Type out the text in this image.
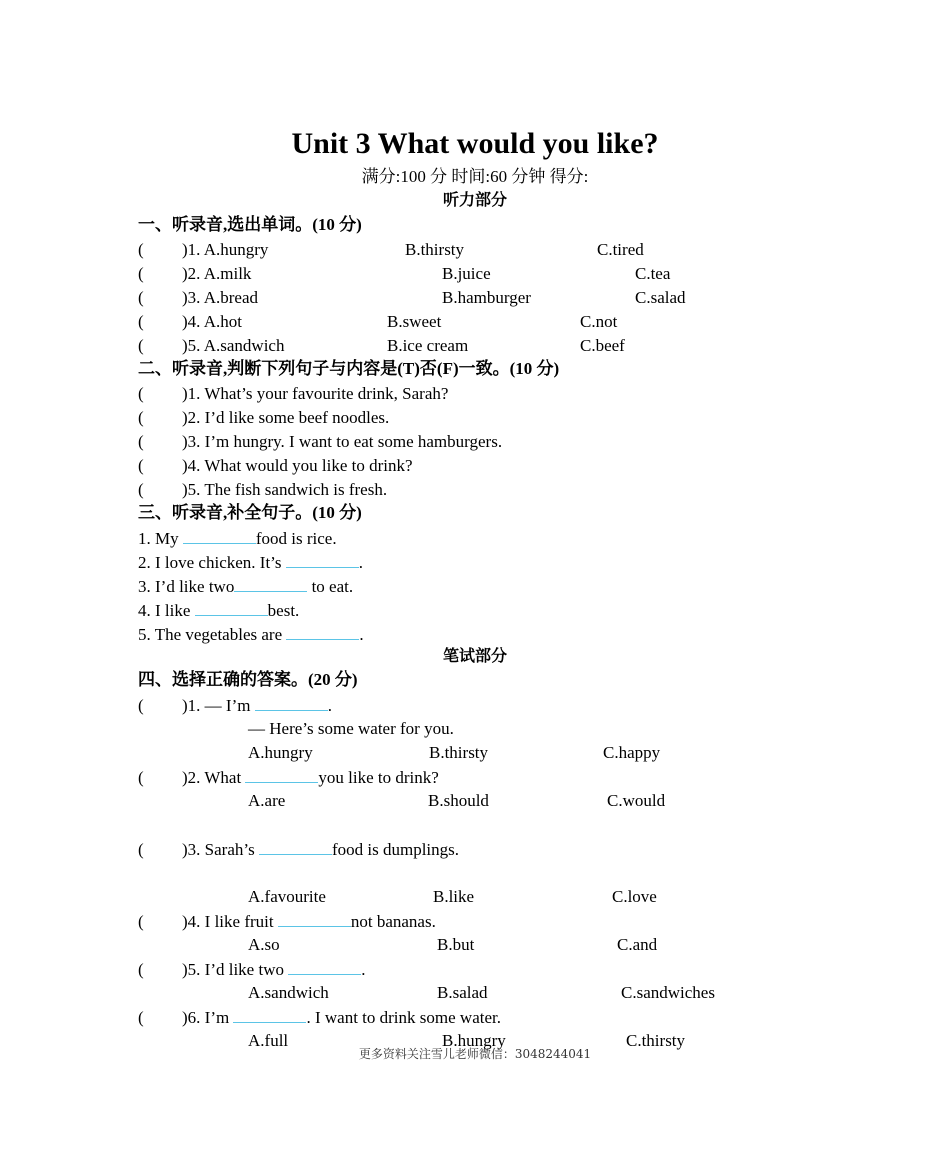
Unit 3 What would you like?
满分:100 分 时间:60 分钟 得分:
听力部分
一、听录音,选出单词。(10 分)
( )1. A.hungry	B.thirsty	C.tired
( )2. A.milk	B.juice	C.tea
( )3. A.bread	B.hamburger	C.salad
( )4. A.hot	B.sweet	C.not
( )5. A.sandwich	B.ice cream	C.beef
二、听录音,判断下列句子与内容是(T)否(F)一致。(10 分)
( )1. What’s your favourite drink, Sarah?
( )2. I’d like some beef noodles.
( )3. I’m hungry. I want to eat some hamburgers.
( )4. What would you like to drink?
( )5. The fish sandwich is fresh.
三、听录音,补全句子。(10 分)
1. My	food is rice.
2. I love chicken. It’s	.
3. I’d like two	to eat.
4. I like	best.
5. The vegetables are	.
笔试部分
四、选择正确的答案。(20 分)
( )1. — I’m	.
— Here’s some water for you.
A.hungry	B.thirsty	C.happy
( )2. What	you like to drink?
A.are	B.should	C.would
( )3. Sarah’s	food is dumplings.
A.favourite	B.like	C.love
( )4. I like fruit	not bananas.
A.so	B.but	C.and
( )5. I’d like two	.
A.sandwich	B.salad	C.sandwiches
( )6. I’m	. I want to drink some water.
A.full	B.hungry	C.thirsty
更多资料关注雪儿老师微信：3048244041
